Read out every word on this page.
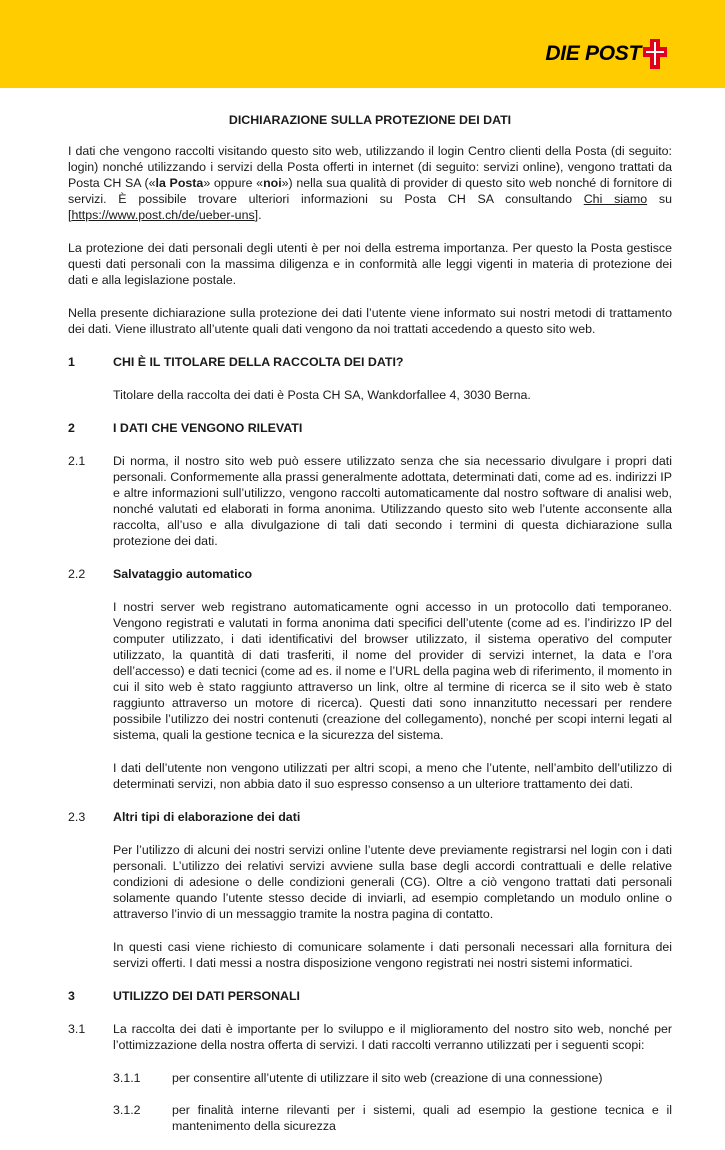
DIE POST
DICHIARAZIONE SULLA PROTEZIONE DEI DATI

I dati che vengono raccolti visitando questo sito web, utilizzando il login Centro clienti della Posta (di seguito: login) nonché utilizzando i servizi della Posta offerti in internet (di seguito: servizi online), vengono trattati da Posta CH SA («la Posta» oppure «noi») nella sua qualità di provider di questo sito web nonché di fornitore di servizi. È possibile trovare ulteriori informazioni su Posta CH SA consultando Chi siamo su [https://www.post.ch/de/ueber-uns].

La protezione dei dati personali degli utenti è per noi della estrema importanza. Per questo la Posta gestisce questi dati personali con la massima diligenza e in conformità alle leggi vigenti in materia di protezione dei dati e alla legislazione postale.

Nella presente dichiarazione sulla protezione dei dati l’utente viene informato sui nostri metodi di trattamento dei dati. Viene illustrato all’utente quali dati vengono da noi trattati accedendo a questo sito web.

1	CHI È IL TITOLARE DELLA RACCOLTA DEI DATI?

Titolare della raccolta dei dati è Posta CH SA, Wankdorfallee 4, 3030 Berna.

2	I DATI CHE VENGONO RILEVATI
2.1	Di norma, il nostro sito web può essere utilizzato senza che sia necessario divulgare i propri dati personali. Conformemente alla prassi generalmente adottata, determinati dati, come ad es. indirizzi IP e altre informazioni sull’utilizzo, vengono raccolti automaticamente dal nostro software di analisi web, nonché valutati ed elaborati in forma anonima. Utilizzando questo sito web l’utente acconsente alla raccolta, all’uso e alla divulgazione di tali dati secondo i termini di questa dichiarazione sulla protezione dei dati.

2.2	Salvataggio automatico

I nostri server web registrano automaticamente ogni accesso in un protocollo dati temporaneo. Vengono registrati e valutati in forma anonima dati specifici dell’utente (come ad es. l’indirizzo IP del computer utilizzato, i dati identificativi del browser utilizzato, il sistema operativo del computer utilizzato, la quantità di dati trasferiti, il nome del provider di servizi internet, la data e l’ora dell’accesso) e dati tecnici (come ad es. il nome e l’URL della pagina web di riferimento, il momento in cui il sito web è stato raggiunto attraverso un link, oltre al termine di ricerca se il sito web è stato raggiunto attraverso un motore di ricerca). Questi dati sono innanzitutto necessari per rendere possibile l’utilizzo dei nostri contenuti (creazione del collegamento), nonché per scopi interni legati al sistema, quali la gestione tecnica e la sicurezza del sistema.

I dati dell’utente non vengono utilizzati per altri scopi, a meno che l’utente, nell’ambito dell’utilizzo di determinati servizi, non abbia dato il suo espresso consenso a un ulteriore trattamento dei dati.

2.3	Altri tipi di elaborazione dei dati

Per l’utilizzo di alcuni dei nostri servizi online l’utente deve previamente registrarsi nel login con i dati personali. L’utilizzo dei relativi servizi avviene sulla base degli accordi contrattuali e delle relative condizioni di adesione o delle condizioni generali (CG). Oltre a ciò vengono trattati dati personali solamente quando l’utente stesso decide di inviarli, ad esempio completando un modulo online o attraverso l’invio di un messaggio tramite la nostra pagina di contatto.

In questi casi viene richiesto di comunicare solamente i dati personali necessari alla fornitura dei servizi offerti. I dati messi a nostra disposizione vengono registrati nei nostri sistemi informatici.

3	UTILIZZO DEI DATI PERSONALI
3.1	La raccolta dei dati è importante per lo sviluppo e il miglioramento del nostro sito web, nonché per l’ottimizzazione della nostra offerta di servizi. I dati raccolti verranno utilizzati per i seguenti scopi:

3.1.1	per consentire all’utente di utilizzare il sito web (creazione di una connessione)
3.1.2	per finalità interne rilevanti per i sistemi, quali ad esempio la gestione tecnica e il mantenimento della sicurezza
